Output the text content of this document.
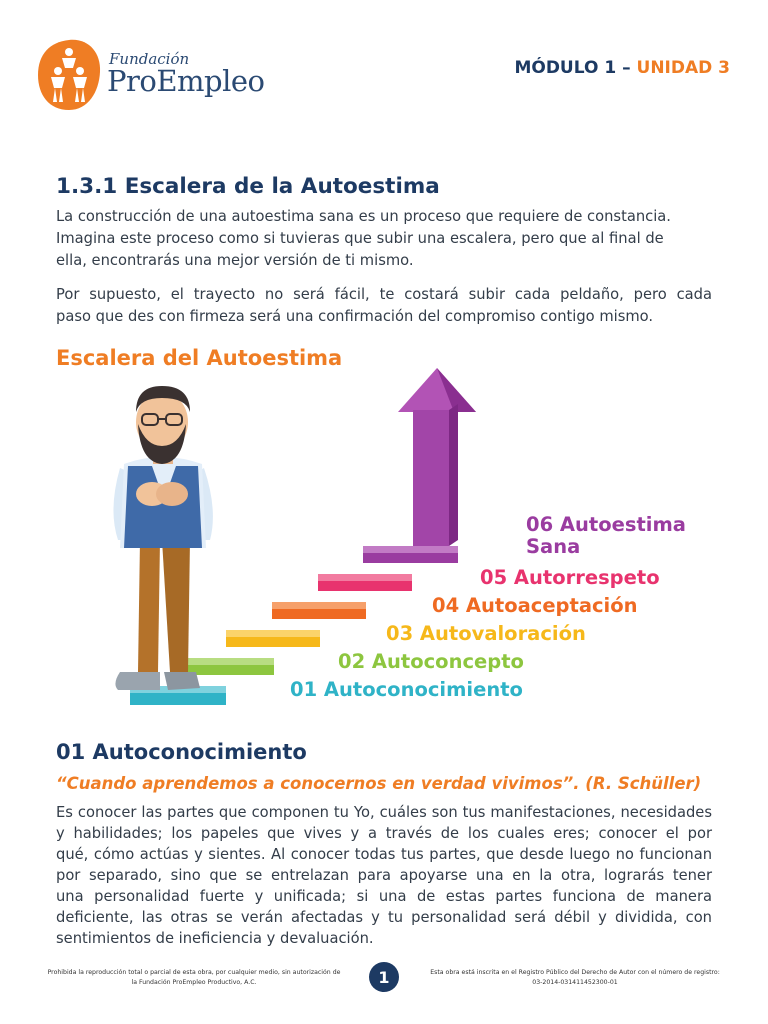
Fundación
ProEmpleo	MÓDULO 1 – UNIDAD 3
1.3.1 Escalera de la Autoestima
La construcción de una autoestima sana es un proceso que requiere de constancia.
Imagina este proceso como si tuvieras que subir una escalera, pero que al final de
ella, encontrarás una mejor versión de ti mismo.
Por supuesto, el trayecto no será fácil, te costará subir cada peldaño, pero cada
paso que des con firmeza será una confirmación del compromiso contigo mismo.
Escalera del Autoestima
01 Autoconocimiento
02 Autoconcepto
03 Autovaloración
04 Autoaceptación
05 Autorrespeto
06 Autoestima
Sana
01 Autoconocimiento
“Cuando aprendemos a conocernos en verdad vivimos”. (R. Schüller)
Es conocer las partes que componen tu Yo, cuáles son tus manifestaciones, necesidades
y habilidades; los papeles que vives y a través de los cuales eres; conocer el por
qué, cómo actúas y sientes. Al conocer todas tus partes, que desde luego no funcionan
por separado, sino que se entrelazan para apoyarse una en la otra, lograrás tener
una personalidad fuerte y unificada; si una de estas partes funciona de manera
deficiente, las otras se verán afectadas y tu personalidad será débil y dividida, con
sentimientos de ineficiencia y devaluación.
Prohibida la reproducción total o parcial de esta obra, por cualquier medio, sin autorización de
la Fundación ProEmpleo Productivo, A.C.	1	Esta obra está inscrita en el Registro Público del Derecho de Autor con el número de registro:
03-2014-031411452300-01
